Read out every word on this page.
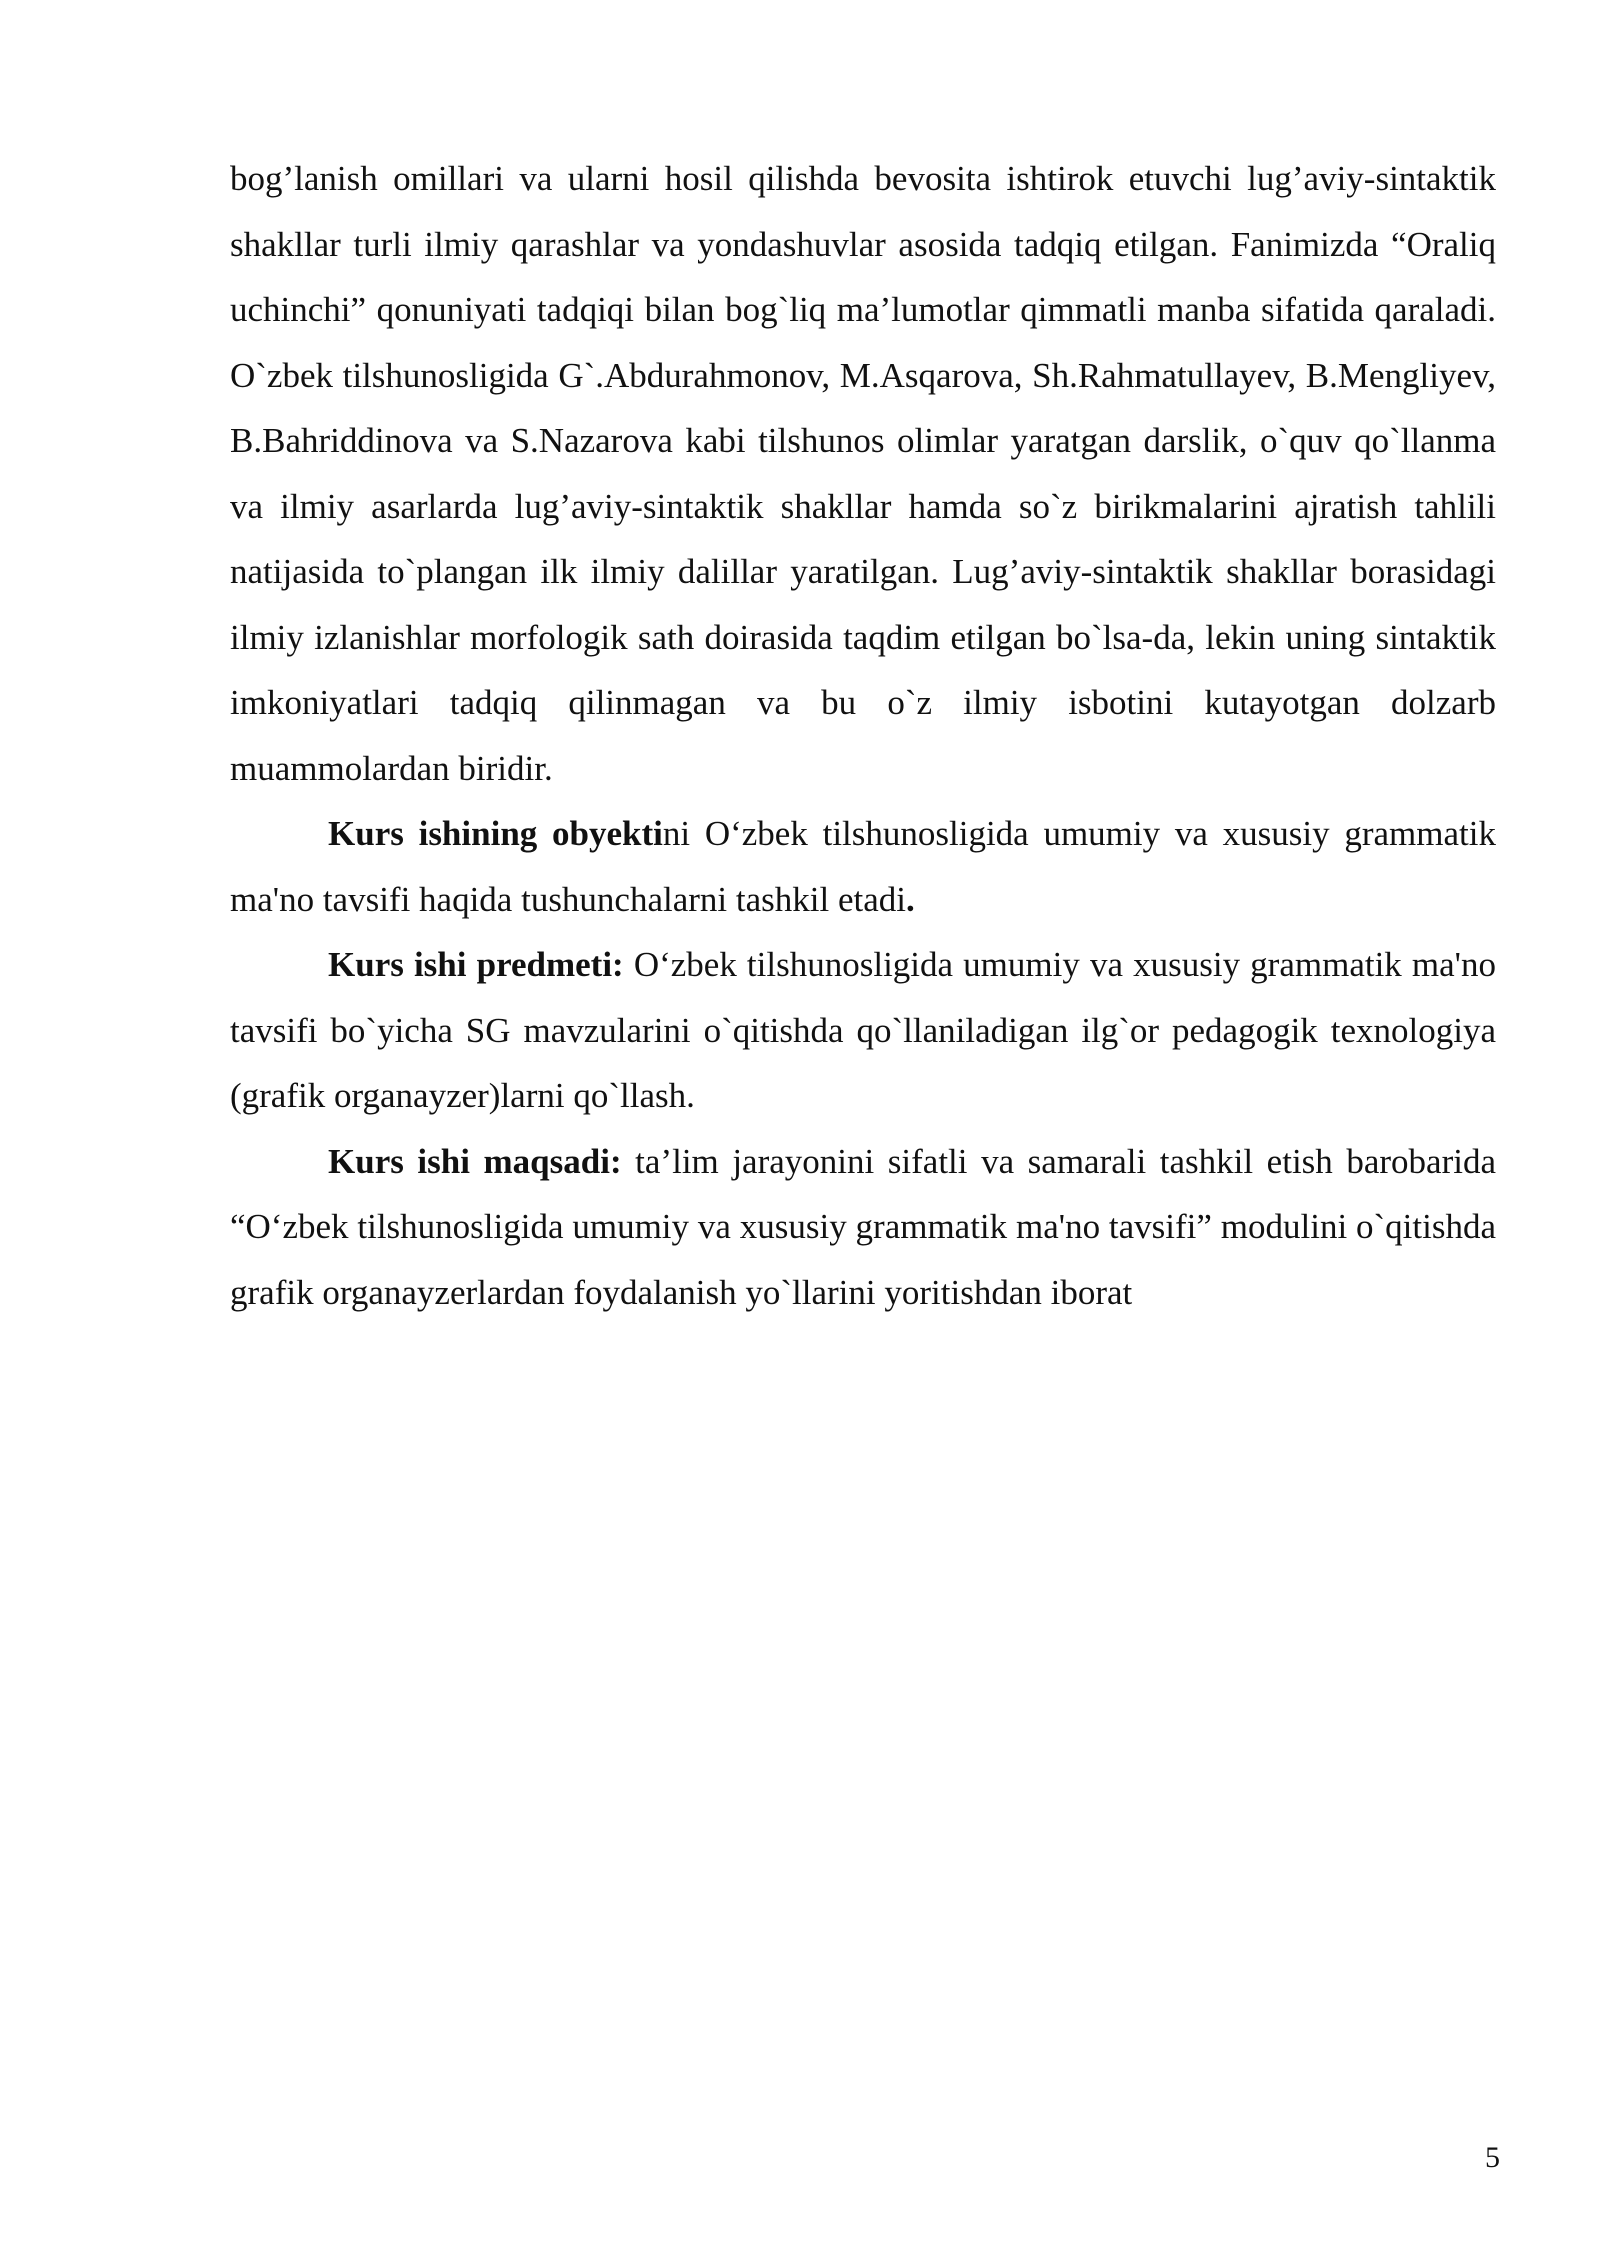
bog’lanish omillari va ularni hosil qilishda bevosita ishtirok etuvchi lug’aviy-sintaktik shakllar turli ilmiy qarashlar va yondashuvlar asosida tadqiq etilgan. Fanimizda “Oraliq uchinchi” qonuniyati tadqiqi bilan bog`liq ma’lumotlar qimmatli manba sifatida qaraladi. O`zbek tilshunosligida G`.Abdurahmonov, M.Asqarova, Sh.Rahmatullayev, B.Mengliyev, B.Bahriddinova va S.Nazarova kabi tilshunos olimlar yaratgan darslik, o`quv qo`llanma va ilmiy asarlarda lug’aviy-sintaktik shakllar hamda so`z birikmalarini ajratish tahlili natijasida to`plangan ilk ilmiy dalillar yaratilgan. Lug’aviy-sintaktik shakllar borasidagi ilmiy izlanishlar morfologik sath doirasida taqdim etilgan bo`lsa-da, lekin uning sintaktik imkoniyatlari tadqiq qilinmagan va bu o`z ilmiy isbotini kutayotgan dolzarb muammolardan biridir.

Kurs ishining obyektini O‘zbek tilshunosligida umumiy va xususiy grammatik ma'no tavsifi haqida tushunchalarni tashkil etadi.

Kurs ishi predmeti: O‘zbek tilshunosligida umumiy va xususiy grammatik ma'no tavsifi bo`yicha SG mavzularini o`qitishda qo`llaniladigan ilg`or pedagogik texnologiya (grafik organayzer)larni qo`llash.

Kurs ishi maqsadi: ta’lim jarayonini sifatli va samarali tashkil etish barobarida “O‘zbek tilshunosligida umumiy va xususiy grammatik ma'no tavsifi” modulini o`qitishda grafik organayzerlardan foydalanish yo`llarini yoritishdan iborat

5
